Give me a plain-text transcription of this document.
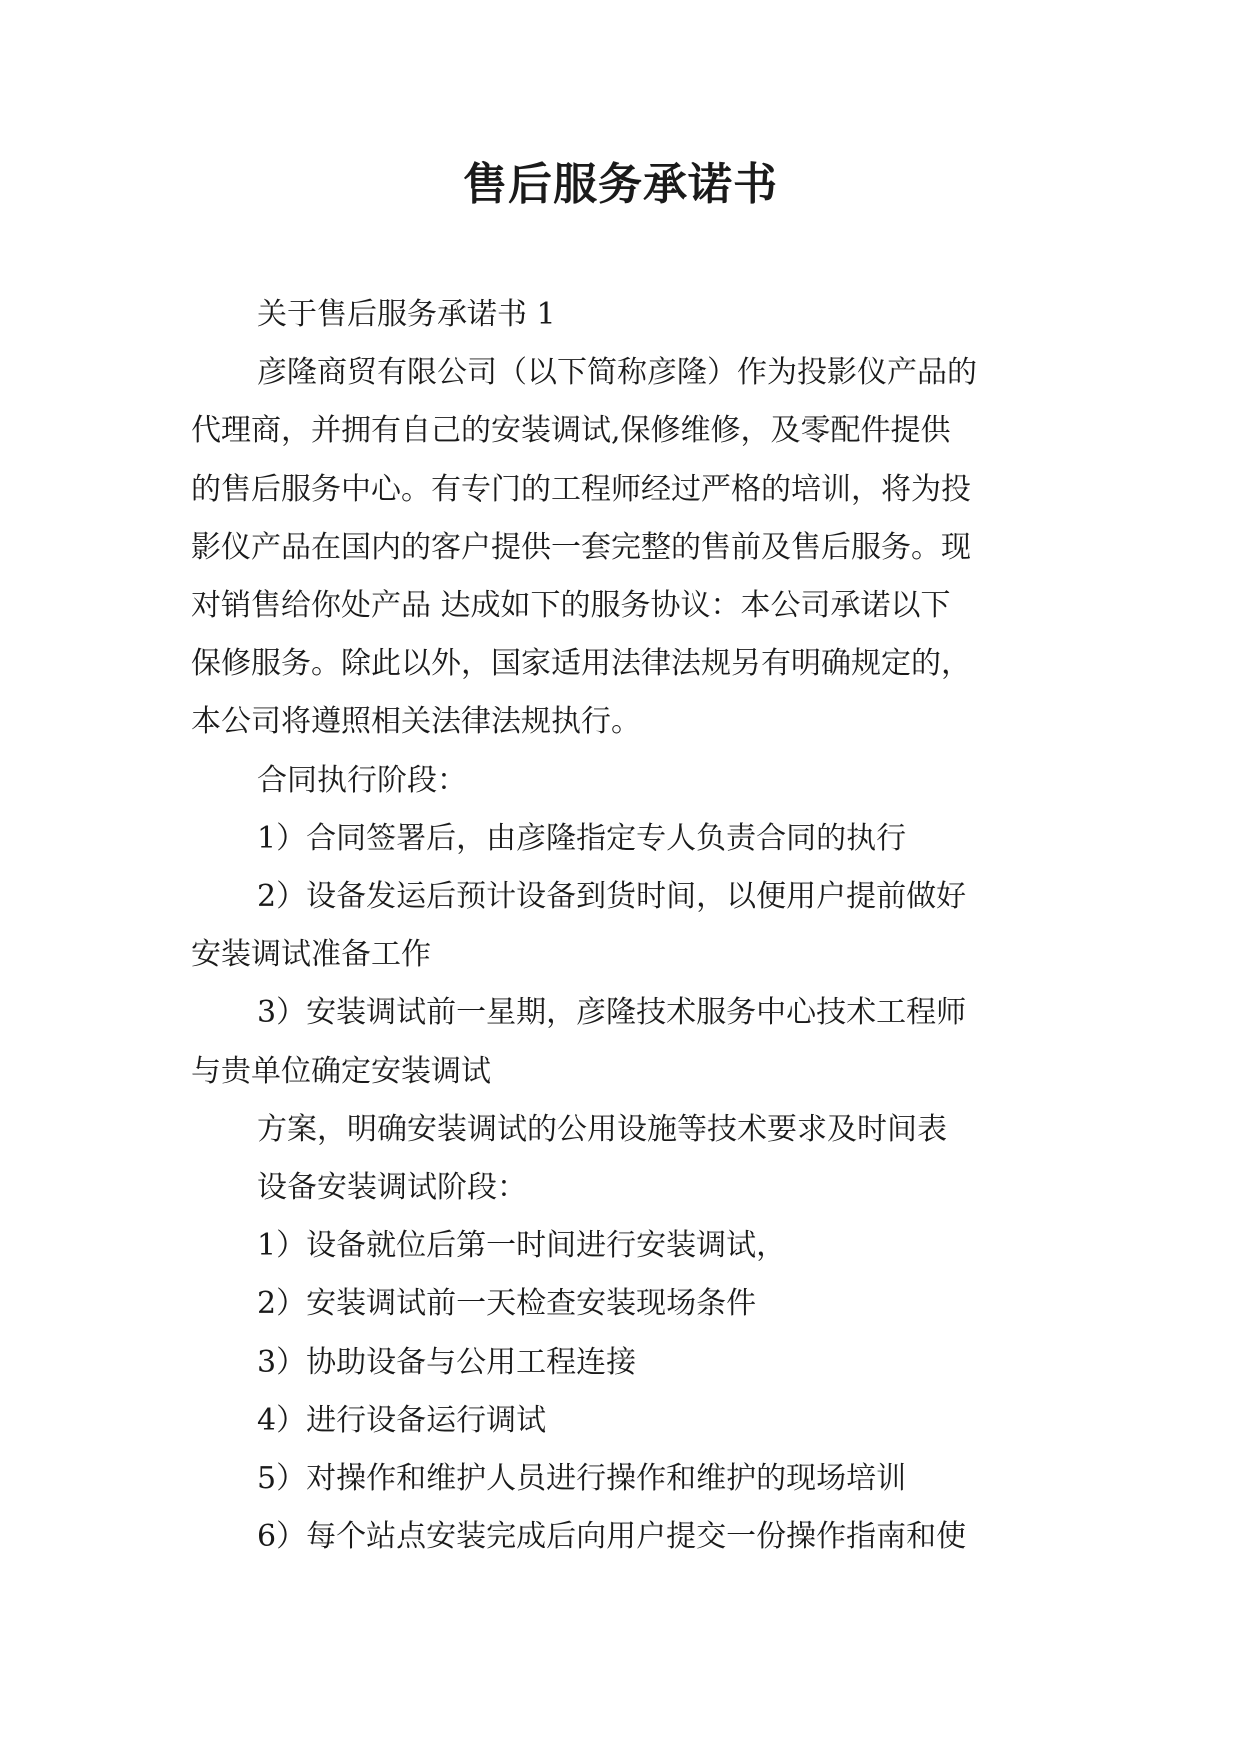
售后服务承诺书

关于售后服务承诺书 1

彦隆商贸有限公司（以下简称彦隆）作为投影仪产品的

代理商，并拥有自己的安装调试,保修维修，及零配件提供

的售后服务中心。有专门的工程师经过严格的培训，将为投

影仪产品在国内的客户提供一套完整的售前及售后服务。现

对销售给你处产品 达成如下的服务协议：本公司承诺以下

保修服务。除此以外，国家适用法律法规另有明确规定的，

本公司将遵照相关法律法规执行。

合同执行阶段：

1）合同签署后，由彦隆指定专人负责合同的执行

2）设备发运后预计设备到货时间，以便用户提前做好

安装调试准备工作

3）安装调试前一星期，彦隆技术服务中心技术工程师

与贵单位确定安装调试

方案，明确安装调试的公用设施等技术要求及时间表

设备安装调试阶段：

1）设备就位后第一时间进行安装调试，

2）安装调试前一天检查安装现场条件

3）协助设备与公用工程连接

4）进行设备运行调试

5）对操作和维护人员进行操作和维护的现场培训

6）每个站点安装完成后向用户提交一份操作指南和使
